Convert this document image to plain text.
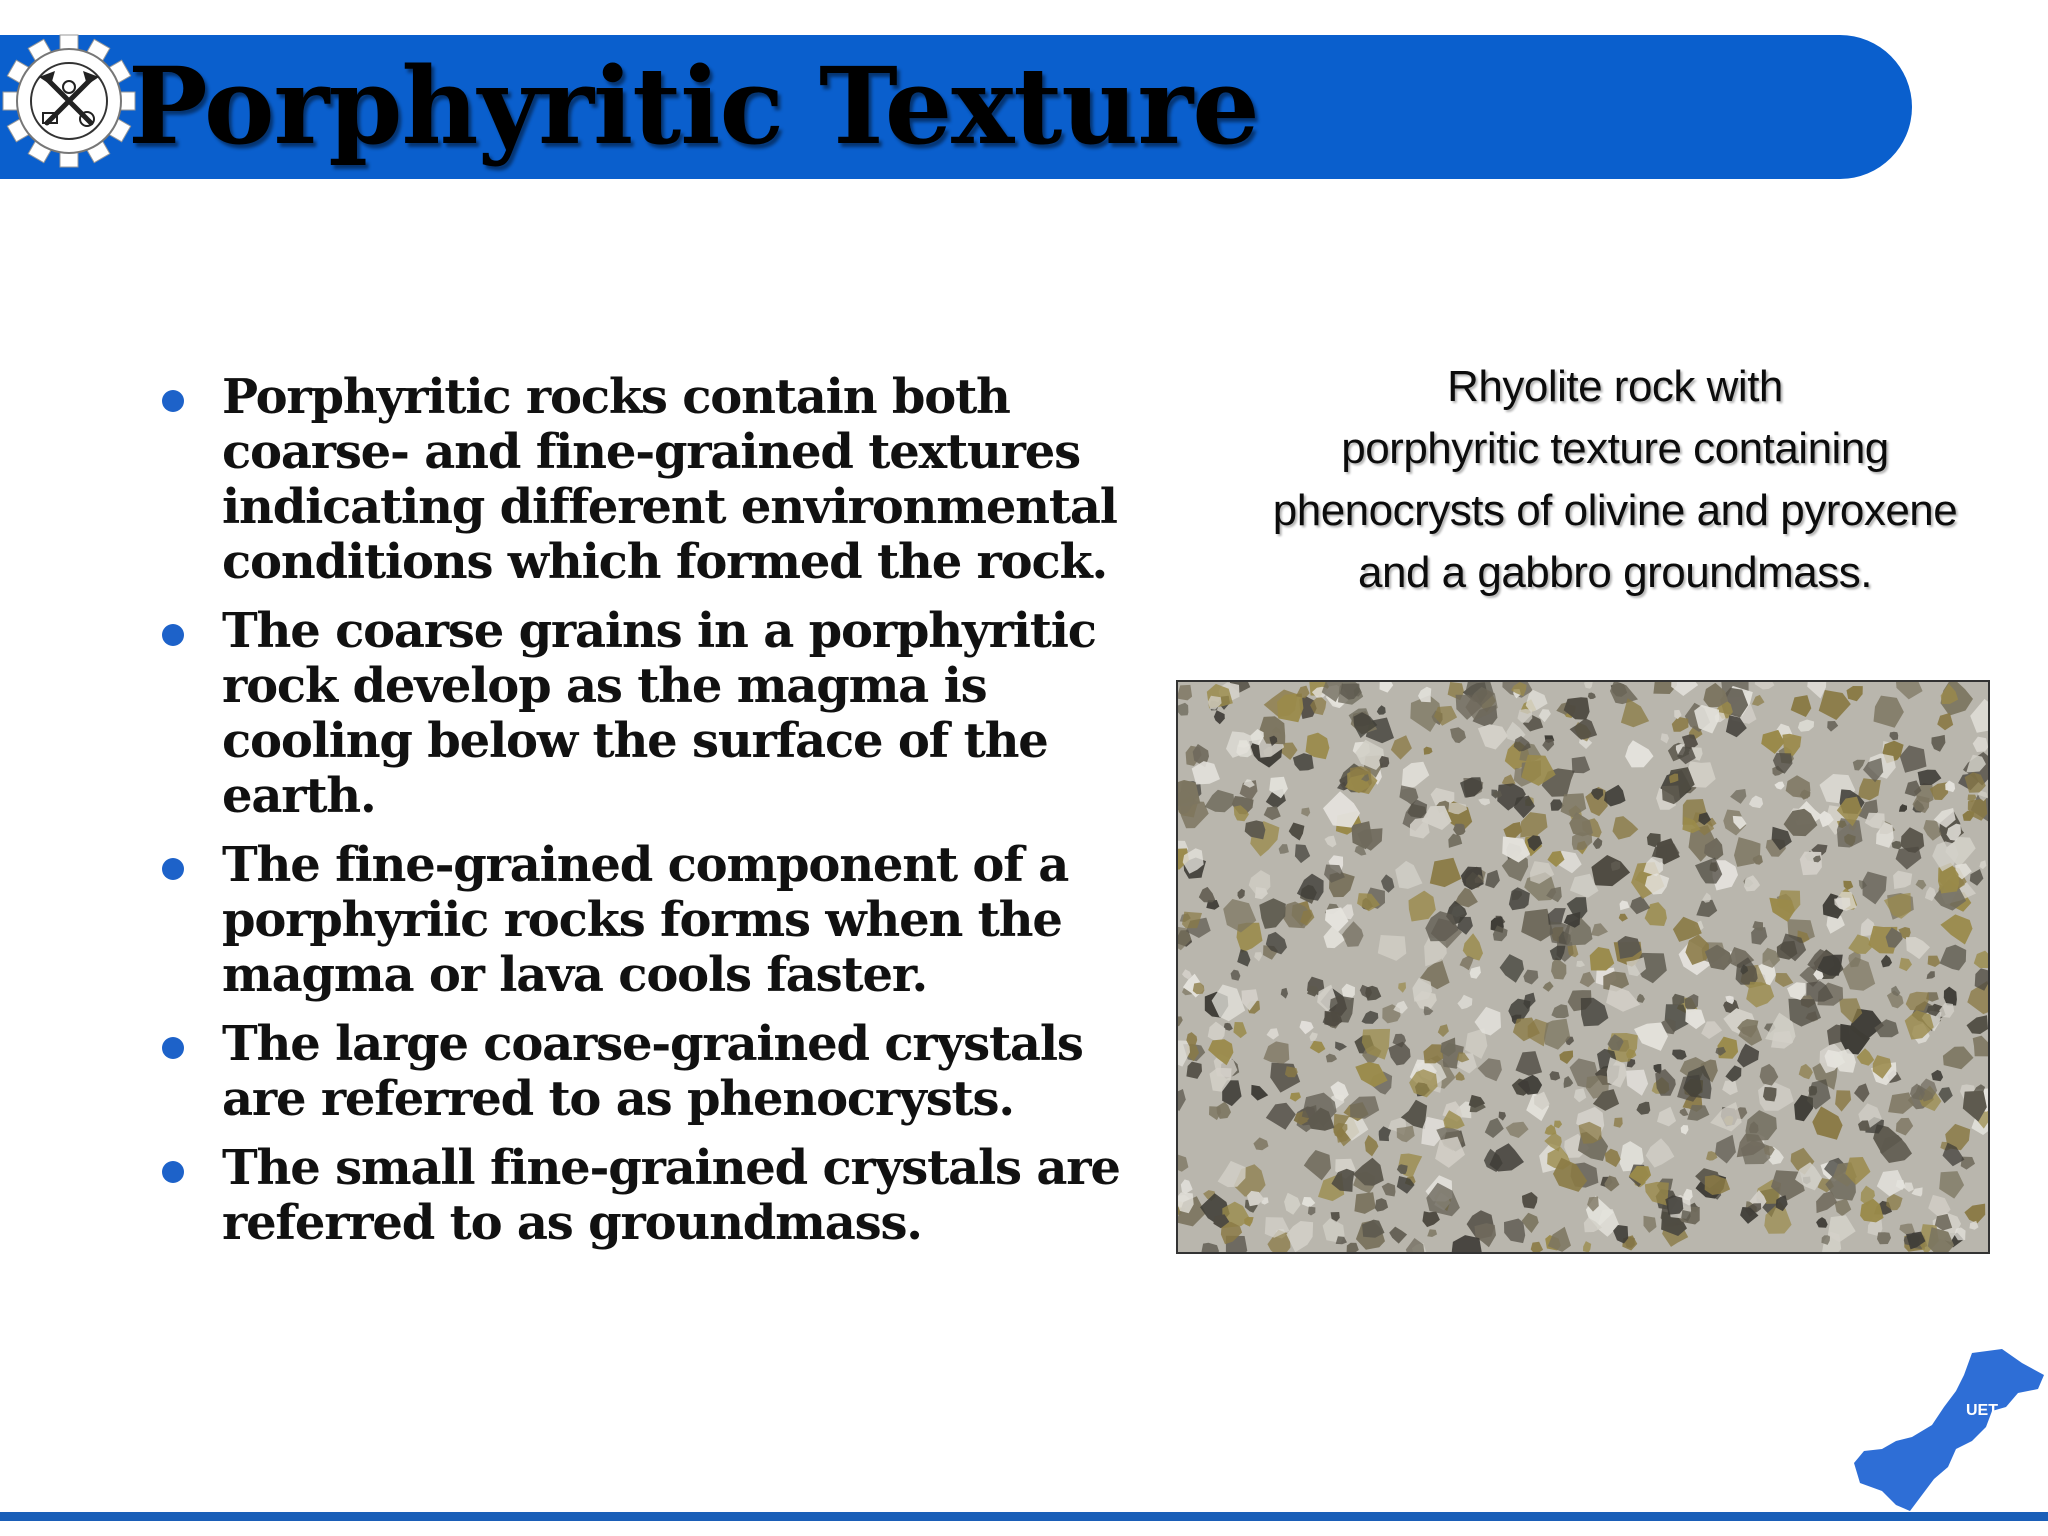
Porphyritic Texture
Porphyritic rocks contain both coarse- and fine-grained textures indicating different environmental conditions which formed the rock.
The coarse grains in a porphyritic rock develop as the magma is cooling below the surface of the earth.
The fine-grained component of a porphyriic rocks forms when the magma or lava cools faster.
The large coarse-grained crystals are referred to as phenocrysts.
The small fine-grained crystals are referred to as groundmass.
Rhyolite rock with
porphyritic texture containing
phenocrysts of olivine and pyroxene
and a gabbro groundmass.
UET
